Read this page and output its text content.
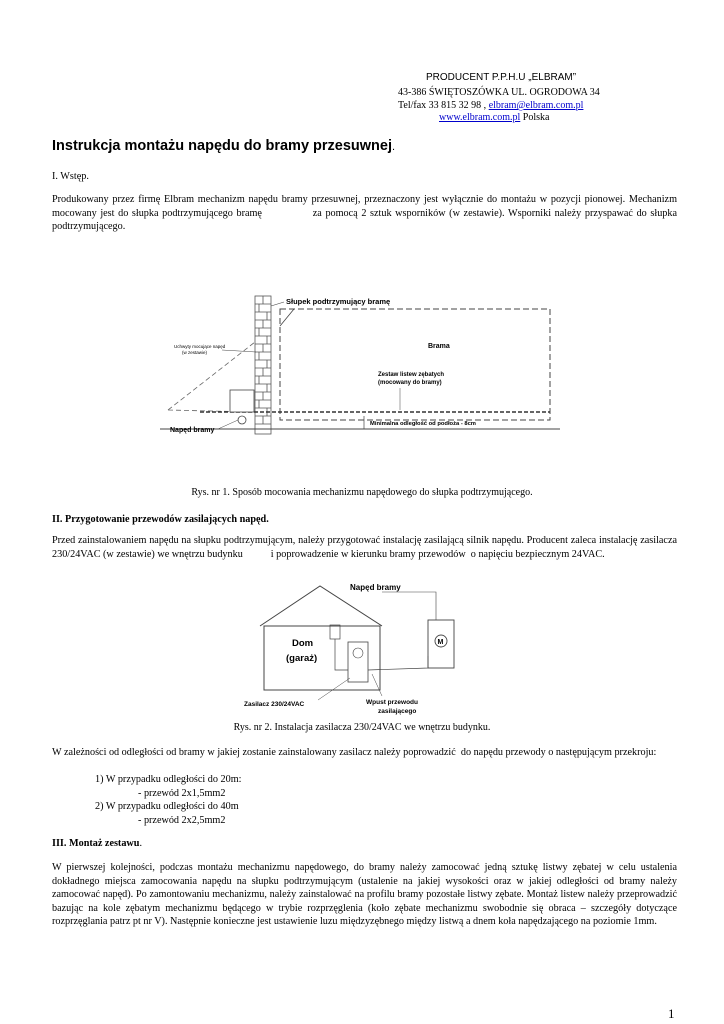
PRODUCENT P.P.H.U „ELBRAM”
43-386 ŚWIĘTOSZÓWKA UL. OGRODOWA 34
Tel/fax 33 815 32 98 , elbram@elbram.com.pl
www.elbram.com.pl Polska
Instrukcja montażu napędu do bramy przesuwnej.
I. Wstęp.
Produkowany przez firmę Elbram mechanizm napędu bramy przesuwnej, przeznaczony jest wyłącznie do montażu w pozycji pionowej. Mechanizm mocowany jest do słupka podtrzymującego bramę              za pomocą 2 sztuk wsporników (w zestawie). Wsporniki należy przyspawać do słupka podtrzymującego.
Słupek podtrzymujący bramę
Uchwyty mocujące napęd
(w zestawie)
Brama
Zestaw listew zębatych
(mocowany do bramy)
Napęd bramy
Minimalna odległość od podłoża - 8cm
Rys. nr 1. Sposób mocowania mechanizmu napędowego do słupka podtrzymującego.
II. Przygotowanie przewodów zasilających napęd.
Przed zainstalowaniem napędu na słupku podtrzymującym, należy przygotować instalację zasilającą silnik napędu. Producent zaleca instalację zasilacza 230/24VAC (w zestawie) we wnętrzu budynku           i poprowadzenie w kierunku bramy przewodów  o napięciu bezpiecznym 24VAC.
Dom
(garaż)
M
Napęd bramy
Zasilacz 230/24VAC	Wpust przewodu
zasilającego
Rys. nr 2. Instalacja zasilacza 230/24VAC we wnętrzu budynku.
W zależności od odległości od bramy w jakiej zostanie zainstalowany zasilacz należy poprowadzić  do napędu przewody o następującym przekroju:
1) W przypadku odległości do 20m:
- przewód 2x1,5mm2
2) W przypadku odległości do 40m
- przewód 2x2,5mm2
III. Montaż zestawu.
W pierwszej kolejności, podczas montażu mechanizmu napędowego, do bramy należy zamocować jedną sztukę listwy zębatej w celu ustalenia dokładnego miejsca zamocowania napędu na słupku podtrzymującym (ustalenie na jakiej wysokości oraz w jakiej odległości od bramy należy zamocować napęd). Po zamontowaniu mechanizmu, należy zainstalować na profilu bramy pozostałe listwy zębate. Montaż listew należy przeprowadzić bazując na kole zębatym mechanizmu będącego w trybie rozprzęglenia (koło zębate mechanizmu swobodnie się obraca – szczegóły dotyczące rozprzęglania patrz pt nr V). Następnie konieczne jest ustawienie luzu międzyzębnego między listwą a dnem koła napędzającego na poziomie 1mm.
1
